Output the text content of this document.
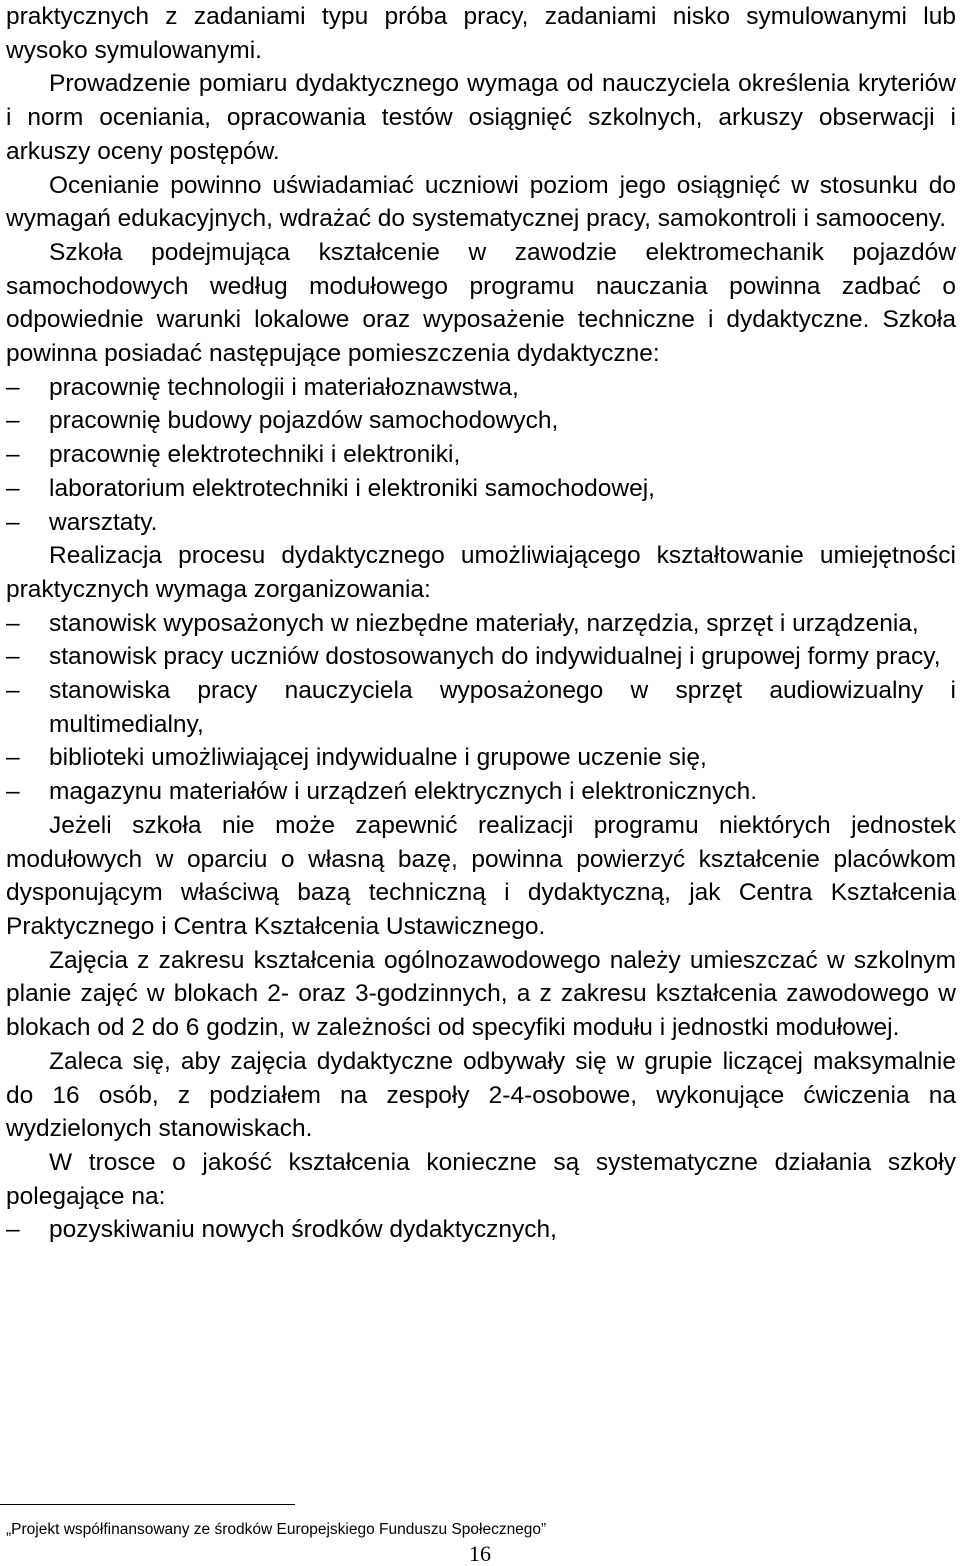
praktycznych z zadaniami typu próba pracy, zadaniami nisko symulowanymi lub wysoko symulowanymi.

Prowadzenie pomiaru dydaktycznego wymaga od nauczyciela określenia kryteriów i norm oceniania, opracowania testów osiągnięć szkolnych, arkuszy obserwacji i arkuszy oceny postępów.

Ocenianie powinno uświadamiać uczniowi poziom jego osiągnięć w stosunku do wymagań edukacyjnych, wdrażać do systematycznej pracy, samokontroli i samooceny.

Szkoła podejmująca kształcenie w zawodzie elektromechanik pojazdów samochodowych według modułowego programu nauczania powinna zadbać o odpowiednie warunki lokalowe oraz wyposażenie techniczne i dydaktyczne. Szkoła powinna posiadać następujące pomieszczenia dydaktyczne:

–	pracownię technologii i materiałoznawstwa,
–	pracownię budowy pojazdów samochodowych,
–	pracownię elektrotechniki i elektroniki,
–	laboratorium elektrotechniki i elektroniki samochodowej,
–	warsztaty.

Realizacja procesu dydaktycznego umożliwiającego kształtowanie umiejętności praktycznych wymaga zorganizowania:

–	stanowisk wyposażonych w niezbędne materiały, narzędzia, sprzęt i urządzenia,
–	stanowisk pracy uczniów dostosowanych do indywidualnej i grupowej formy pracy,
–	stanowiska pracy nauczyciela wyposażonego w sprzęt audiowizualny i multimedialny,
–	biblioteki umożliwiającej indywidualne i grupowe uczenie się,
–	magazynu materiałów i urządzeń elektrycznych i elektronicznych.

Jeżeli szkoła nie może zapewnić realizacji programu niektórych jednostek modułowych w oparciu o własną bazę, powinna powierzyć kształcenie placówkom dysponującym właściwą bazą techniczną i dydaktyczną, jak Centra Kształcenia Praktycznego i Centra Kształcenia Ustawicznego.

Zajęcia z zakresu kształcenia ogólnozawodowego należy umieszczać w szkolnym planie zajęć w blokach 2- oraz 3-godzinnych, a z zakresu kształcenia zawodowego w blokach od 2 do 6 godzin, w zależności od specyfiki modułu i jednostki modułowej.

Zaleca się, aby zajęcia dydaktyczne odbywały się w grupie liczącej maksymalnie do 16 osób, z podziałem na zespoły 2-4-osobowe, wykonujące ćwiczenia na wydzielonych stanowiskach.

W trosce o jakość kształcenia konieczne są systematyczne działania szkoły polegające na:

–	pozyskiwaniu nowych środków dydaktycznych,
„Projekt współfinansowany ze środków Europejskiego Funduszu Społecznego”
16
